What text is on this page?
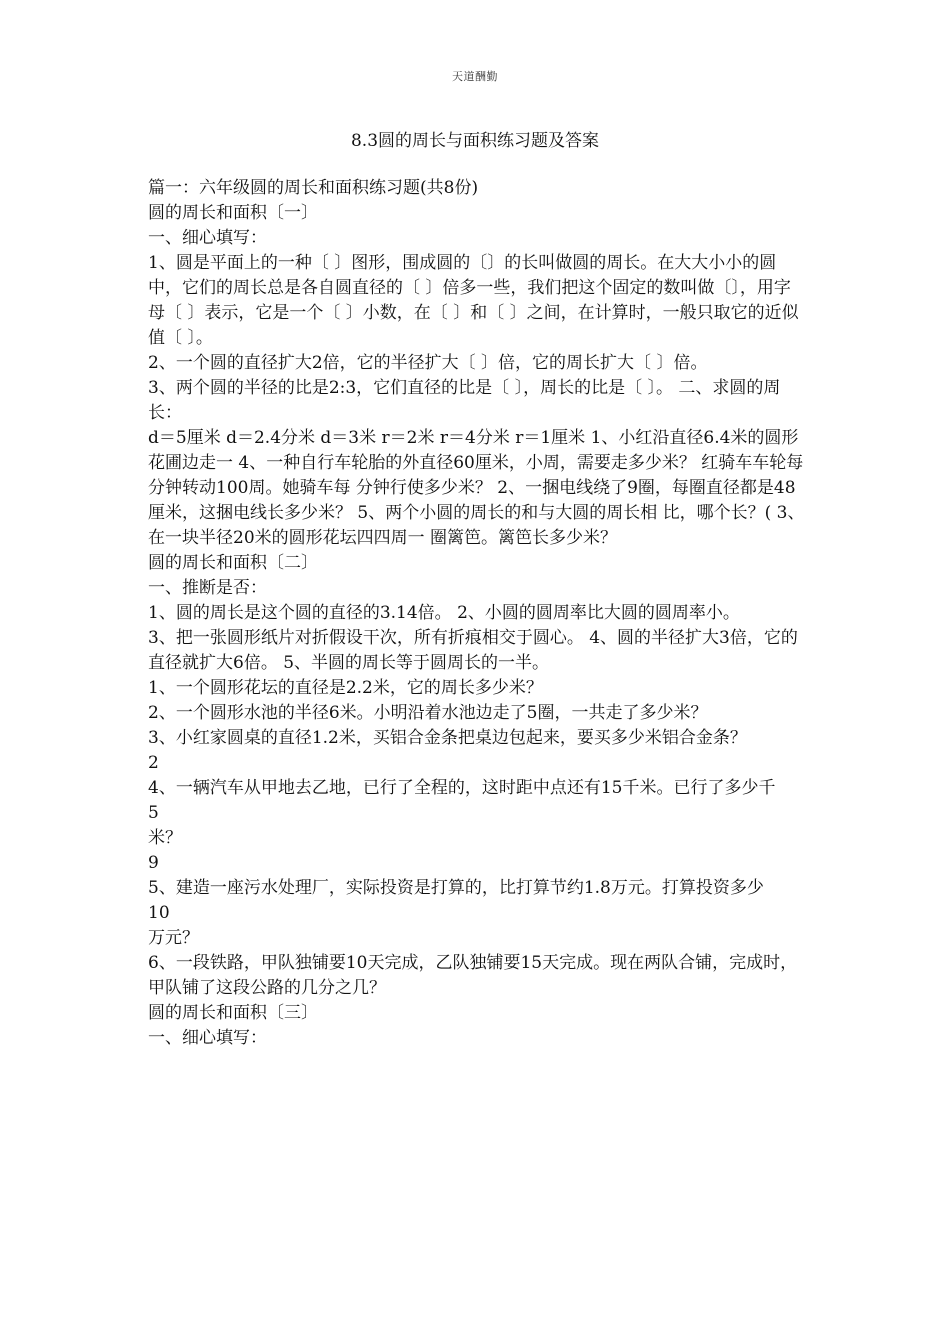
天道酬勤
8.3圆的周长与面积练习题及答案

篇一：六年级圆的周长和面积练习题(共8份)

圆的周长和面积〔一〕

一、细心填写：

1、圆是平面上的一种〔 〕图形，围成圆的〔〕的长叫做圆的周长。在大大小小的圆中，它们的周长总是各自圆直径的〔 〕倍多一些，我们把这个固定的数叫做〔〕，用字母〔 〕表示，它是一个〔 〕小数，在〔 〕和〔 〕之间，在计算时，一般只取它的近似值〔 〕。

2、一个圆的直径扩大2倍，它的半径扩大〔 〕倍，它的周长扩大〔 〕倍。

3、两个圆的半径的比是2:3，它们直径的比是〔 〕，周长的比是〔 〕。 二、求圆的周长：

d＝5厘米 d＝2.4分米 d＝3米 r＝2米 r＝4分米 r＝1厘米 1、小红沿直径6.4米的圆形花圃边走一 4、一种自行车轮胎的外直径60厘米，小周，需要走多少米？ 红骑车车轮每分钟转动100周。她骑车每 分钟行使多少米？ 2、一捆电线绕了9圈，每圈直径都是48厘米，这捆电线长多少米？ 5、两个小圆的周长的和与大圆的周长相 比，哪个长？( 3、在一块半径20米的圆形花坛四四周一 圈篱笆。篱笆长多少米？

圆的周长和面积〔二〕

一、推断是否：

1、圆的周长是这个圆的直径的3.14倍。 2、小圆的圆周率比大圆的圆周率小。

3、把一张圆形纸片对折假设干次，所有折痕相交于圆心。 4、圆的半径扩大3倍，它的直径就扩大6倍。 5、半圆的周长等于圆周长的一半。

1、一个圆形花坛的直径是2.2米，它的周长多少米？

2、一个圆形水池的半径6米。小明沿着水池边走了5圈，一共走了多少米？

3、小红家圆桌的直径1.2米，买铝合金条把桌边包起来，要买多少米铝合金条？

2

4、一辆汽车从甲地去乙地，已行了全程的，这时距中点还有15千米。已行了多少千

5

米？

9

5、建造一座污水处理厂，实际投资是打算的，比打算节约1.8万元。打算投资多少

10

万元？

6、一段铁路，甲队独铺要10天完成，乙队独铺要15天完成。现在两队合铺，完成时，甲队铺了这段公路的几分之几？

圆的周长和面积〔三〕

一、细心填写：
